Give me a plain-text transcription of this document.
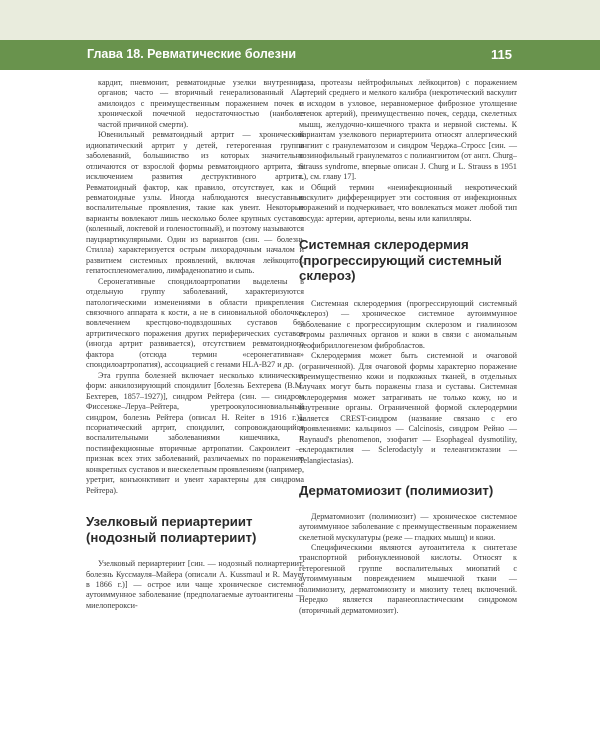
Глава 18. Ревматические болезни	115

кардит, пневмонит, ревматоидные узелки внутренних органов; часто — вторичный генерализованный AL-амилоидоз с преимущественным поражением почек и хронической почечной недостаточностью (наиболее частой причиной смерти).

Ювенильный ревматоидный артрит — хронический идиопатический артрит у детей, гетерогенная группа заболеваний, большинство из которых значительно отличаются от взрослой формы ревматоидного артрита, за исключением развития деструктивного артрита. Ревматоидный фактор, как правило, отсутствует, как и ревматоидные узлы. Иногда наблюдаются внесуставные воспалительные проявления, такие как увеит. Некоторые варианты вовлекают лишь несколько более крупных суставов (коленный, локтевой и голеностопный), и поэтому называются пауциартикулярными. Один из вариантов (син. — болезнь Стилла) характеризуется острым лихорадочным началом и развитием системных проявлений, включая лейкоцитоз, гепатоспленомегалию, лимфаденопатию и сыпь.

Серонегативные спондилоартропатии выделены в отдельную группу заболеваний, характеризуются патологическими изменениями в области прикрепления связочного аппарата к кости, а не в синовиальной оболочке, вовлечением крестцово-подвздошных суставов без артритического поражения других периферических суставов (иногда артрит развивается), отсутствием ревматоидного фактора (отсюда термин «серонегативная» спондилоартропатия), ассоциацией с генами HLA-B27 и др.

Эта группа болезней включает несколько клинических форм: анкилозирующий спондилит [болезнь Бехтерева (В.М. Бехтерев, 1857–1927)], синдром Рейтера (син. — синдром Фиссенже–Леруа–Рейтера, уретроокулосиновиальный синдром, болезнь Рейтера (описал H. Reiter в 1916 г.)], псориатический артрит, спондилит, сопровождающийся воспалительными заболеваниями кишечника, и постинфекционные вторичные артропатии. Сакроилеит — признак всех этих заболеваний, различаемых по поражению конкретных суставов и внескелетным проявлениям (например, уретрит, конъюнктивит и увеит характерны для синдрома Рейтера).

Узелковый периартериит (нодозный полиартериит)

Узелковый периартериит [син. — нодозный полиартериит, болезнь Куссмауля–Майера (описали A. Kussmaul и R. Mayer в 1866 г.)] — острое или чаще хроническое системное аутоиммунное заболевание (предполагаемые аутоантигены — миелоперокси-

даза, протеазы нейтрофильных лейкоцитов) с поражением артерий среднего и мелкого калибра (некротический васкулит с исходом в узловое, неравномерное фиброзное утолщение стенок артерий), преимущественно почек, сердца, скелетных мышц, желудочно-кишечного тракта и нервной системы. К вариантам узелкового периартериита относят аллергический ангиит с гранулематозом и синдром Черджа–Стросс [син. — эозинофильный гранулематоз с полиангиитом (от англ. Churg–Strauss syndrome, впервые описан J. Churg и L. Strauss в 1951 г.), см. главу 17].

Общий термин «неинфекционный некротический васкулит» дифференцирует эти состояния от инфекционных поражений и подчеркивает, что вовлекаться может любой тип сосуда: артерии, артериолы, вены или капилляры.

Системная склеродермия (прогрессирующий системный склероз)

Системная склеродермия (прогрессирующий системный склероз) — хроническое системное аутоиммунное заболевание с прогрессирующим склерозом и гиалинозом стромы различных органов и кожи в связи с аномальным неофибриллогенезом фибробластов.

Склеродермия может быть системной и очаговой (ограниченной). Для очаговой формы характерно поражение преимущественно кожи и подкожных тканей, в отдельных случаях могут быть поражены глаза и суставы. Системная склеродермия может затрагивать не только кожу, но и внутренние органы. Ограниченной формой склеродермии является CREST-синдром (название связано с его проявлениями: кальциноз — Calcinosis, синдром Рейно — Raynaud's phenomenon, эзофагит — Esophageal dysmotility, склеродактилия — Sclerodactyly и телеангиэктазии — Telangiectasias).

Дерматомиозит (полимиозит)

Дерматомиозит (полимиозит) — хроническое системное аутоиммунное заболевание с преимущественным поражением скелетной мускулатуры (реже — гладких мышц) и кожи.

Специфическими являются аутоантитела к синтетазе транспортной рибонуклеиновой кислоты. Относят к гетерогенной группе воспалительных миопатий с аутоиммунным повреждением мышечной ткани — полимиозиту, дерматомиозиту и миозиту телец включений. Нередко является паранеопластическим синдромом (вторичный дерматомиозит).
